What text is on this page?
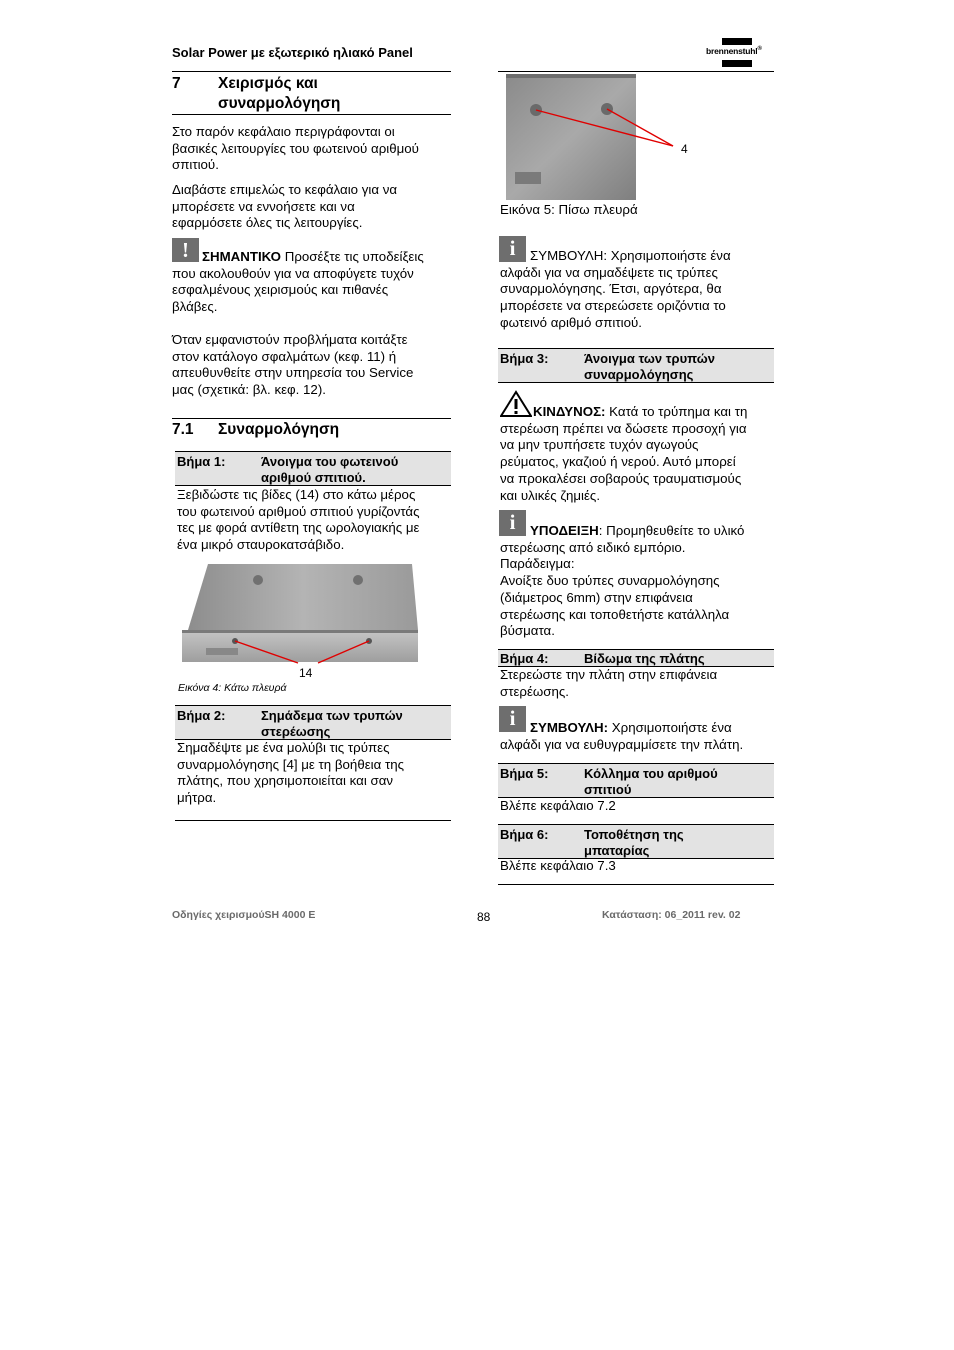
Solar Power με εξωτερικό ηλιακό Panel	brennenstuhl®
7 Χειρισμός και
συναρμολόγηση
Στο παρόν κεφάλαιο περιγράφονται οι
βασικές λειτουργίες του φωτεινού αριθμού
σπιτιού.
Διαβάστε επιμελώς το κεφάλαιο για να
μπορέσετε να εννοήσετε και να
εφαρμόσετε όλες τις λειτουργίες.
! ΣΗΜΑΝΤΙΚΟ Προσέξτε τις υποδείξεις
που ακολουθούν για να αποφύγετε τυχόν
εσφαλμένους χειρισμούς και πιθανές
βλάβες.
Όταν εμφανιστούν προβλήματα κοιτάξτε
στον κατάλογο σφαλμάτων (κεφ. 11) ή
απευθυνθείτε στην υπηρεσία του Service
μας (σχετικά: βλ. κεφ. 12).
7.1 Συναρμολόγηση
Βήμα 1:	Άνοιγμα του φωτεινού
αριθμού σπιτιού.
Ξεβιδώστε τις βίδες (14) στο κάτω μέρος
του φωτεινού αριθμού σπιτιού γυρίζοντάς
τες με φορά αντίθετη της ωρολογιακής με
ένα μικρό σταυροκατσάβιδο.
14
Εικόνα 4: Κάτω πλευρά
Βήμα 2:	Σημάδεμα των τρυπών
στερέωσης
Σημαδέψτε με ένα μολύβι τις τρύπες
συναρμολόγησης [4] με τη βοήθεια της
πλάτης, που χρησιμοποιείται και σαν
μήτρα.
4
Εικόνα 5: Πίσω πλευρά
i	ΣΥΜΒΟΥΛΗ: Χρησιμοποιήστε ένα
αλφάδι για να σημαδέψετε τις τρύπες
συναρμολόγησης. Έτσι, αργότερα, θα
μπορέσετε να στερεώσετε οριζόντια το
φωτεινό αριθμό σπιτιού.
Βήμα 3:	Άνοιγμα των τρυπών
συναρμολόγησης
ΚΙΝΔΥΝΟΣ: Κατά το τρύπημα και τη
στερέωση πρέπει να δώσετε προσοχή για
να μην τρυπήσετε τυχόν αγωγούς
ρεύματος, γκαζιού ή νερού. Αυτό μπορεί
να προκαλέσει σοβαρούς τραυματισμούς
και υλικές ζημιές.
i	ΥΠΟΔΕΙΞΗ: Προμηθευθείτε το υλικό
στερέωσης από ειδικό εμπόριο.
Παράδειγμα:
Ανοίξτε δυο τρύπες συναρμολόγησης
(διάμετρος 6mm) στην επιφάνεια
στερέωσης και τοποθετήστε κατάλληλα
βύσματα.
Βήμα 4:	Βίδωμα της πλάτης
Στερεώστε την πλάτη στην επιφάνεια
στερέωσης.
i	ΣΥΜΒΟΥΛΗ: Χρησιμοποιήστε ένα
αλφάδι για να ευθυγραμμίσετε την πλάτη.
Βήμα 5:	Κόλλημα του αριθμού
σπιτιού
Βλέπε κεφάλαιο 7.2
Βήμα 6:	Τοποθέτηση της
μπαταρίας
Βλέπε κεφάλαιο 7.3
Οδηγίες χειρισμούSH 4000 E	88	Κατάσταση: 06_2011 rev. 02
